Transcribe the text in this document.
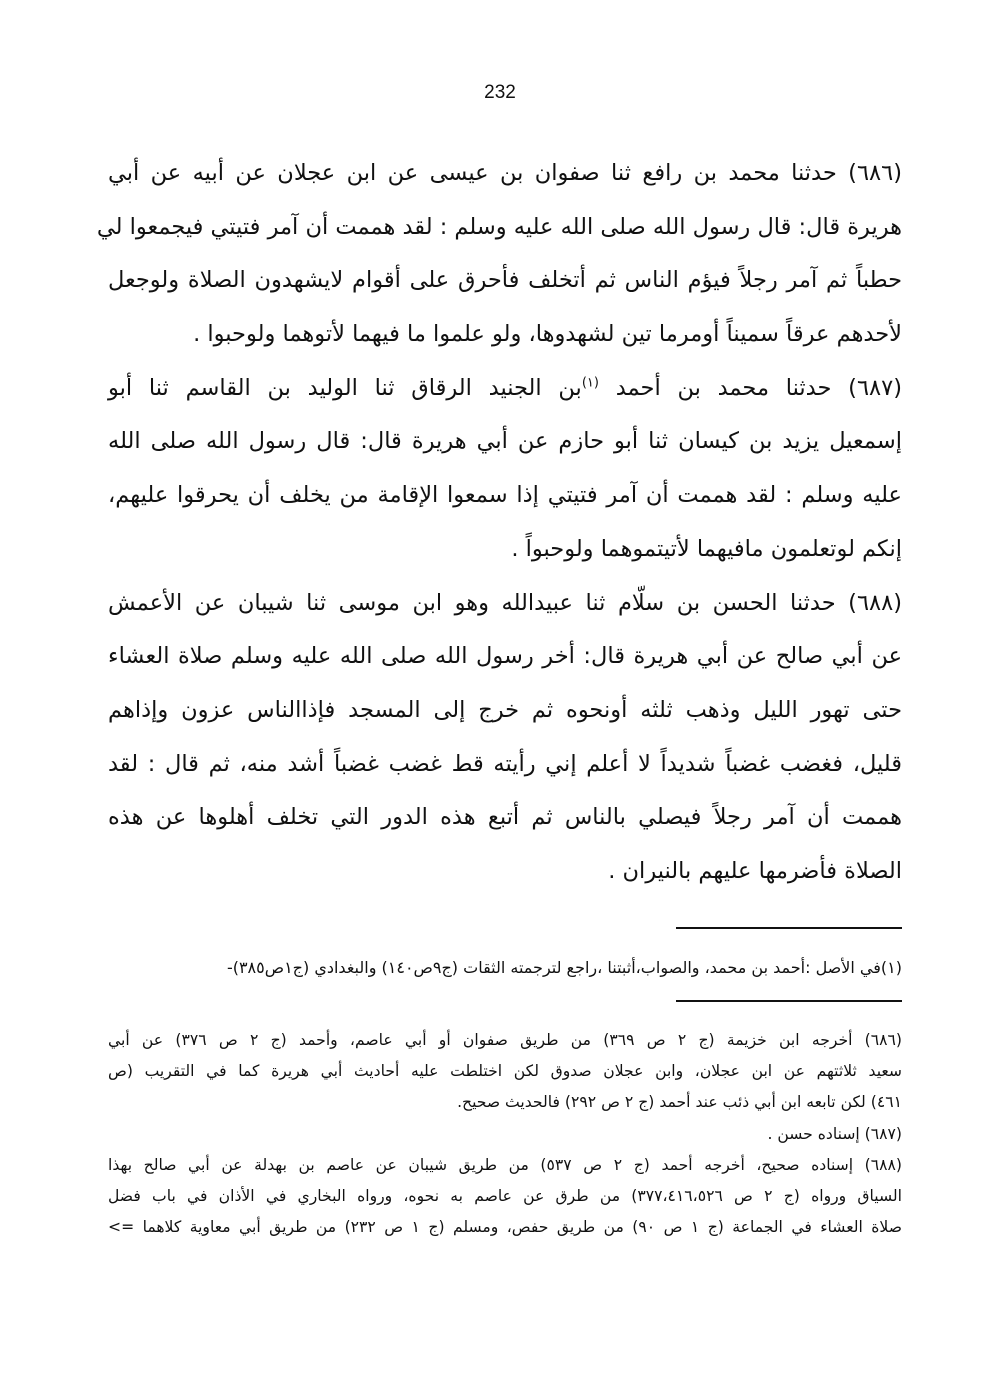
232
(٦٨٦) حدثنا محمد بن رافع ثنا صفوان بن عيسى عن ابن عجلان عن أبيه عن أبي
هريرة قال: قال رسول الله صلى الله عليه وسلم : لقد هممت أن آمر فتيتي فيجمعوا لي
حطباً ثم آمر رجلاً فيؤم الناس ثم أتخلف فأحرق على أقوام لايشهدون الصلاة ولوجعل
لأحدهم عرقاً سميناً أومرما تين لشهدوها، ولو علموا ما فيهما لأتوهما ولوحبوا .
(٦٨٧) حدثنا محمد بن أحمد $^{(١)}$بن الجنيد الرقاق ثنا الوليد بن القاسم ثنا أبو
إسمعيل يزيد بن كيسان ثنا أبو حازم عن أبي هريرة قال: قال رسول الله صلى الله
عليه وسلم : لقد هممت أن آمر فتيتي إذا سمعوا الإقامة من يخلف أن يحرقوا عليهم،
إنكم لوتعلمون مافيهما لأتيتموهما ولوحبواً .
(٦٨٨) حدثنا الحسن بن سلّام ثنا عبيدالله وهو ابن موسى ثنا شيبان عن الأعمش
عن أبي صالح عن أبي هريرة قال: أخر رسول الله صلى الله عليه وسلم صلاة العشاء
حتى تهور الليل وذهب ثلثه أونحوه ثم خرج إلى المسجد فإذاالناس عزون وإذاهم
قليل، فغضب غضباً شديداً لا أعلم إني رأيته قط غضب غضباً أشد منه، ثم قال : لقد
هممت أن آمر رجلاً فيصلي بالناس ثم أتبع هذه الدور التي تخلف أهلوها عن هذه
الصلاة فأضرمها عليهم بالنيران .
(١)في الأصل :أحمد بن محمد، والصواب،أثبتنا ،راجع لترجمته الثقات (ج٩ص١٤٠) والبغدادي (ج١ص٣٨٥)-
(٦٨٦) أخرجه ابن خزيمة (ج ٢ ص ٣٦٩) من طريق صفوان أو أبي عاصم، وأحمد (ج ٢ ص ٣٧٦) عن أبي
سعيد ثلاثتهم عن ابن عجلان، وابن عجلان صدوق لكن اختلطت عليه أحاديث أبي هريرة كما في التقريب (ص
٤٦١) لكن تابعه ابن أبي ذئب عند أحمد (ج ٢ ص ٢٩٢) فالحديث صحيح.
(٦٨٧) إسناده حسن .
(٦٨٨) إسناده صحيح، أخرجه أحمد (ج ٢ ص ٥٣٧) من طريق شيبان عن عاصم بن بهدلة عن أبي صالح بهذا
السياق ورواه (ج ٢ ص ٣٧٧،٤١٦،٥٢٦) من طرق عن عاصم به نحوه، ورواه البخاري في الأذان في باب فضل
صلاة العشاء في الجماعة (ج ١ ص ٩٠) من طريق حفص، ومسلم (ج ١ ص ٢٣٢) من طريق أبي معاوية كلاهما =>
